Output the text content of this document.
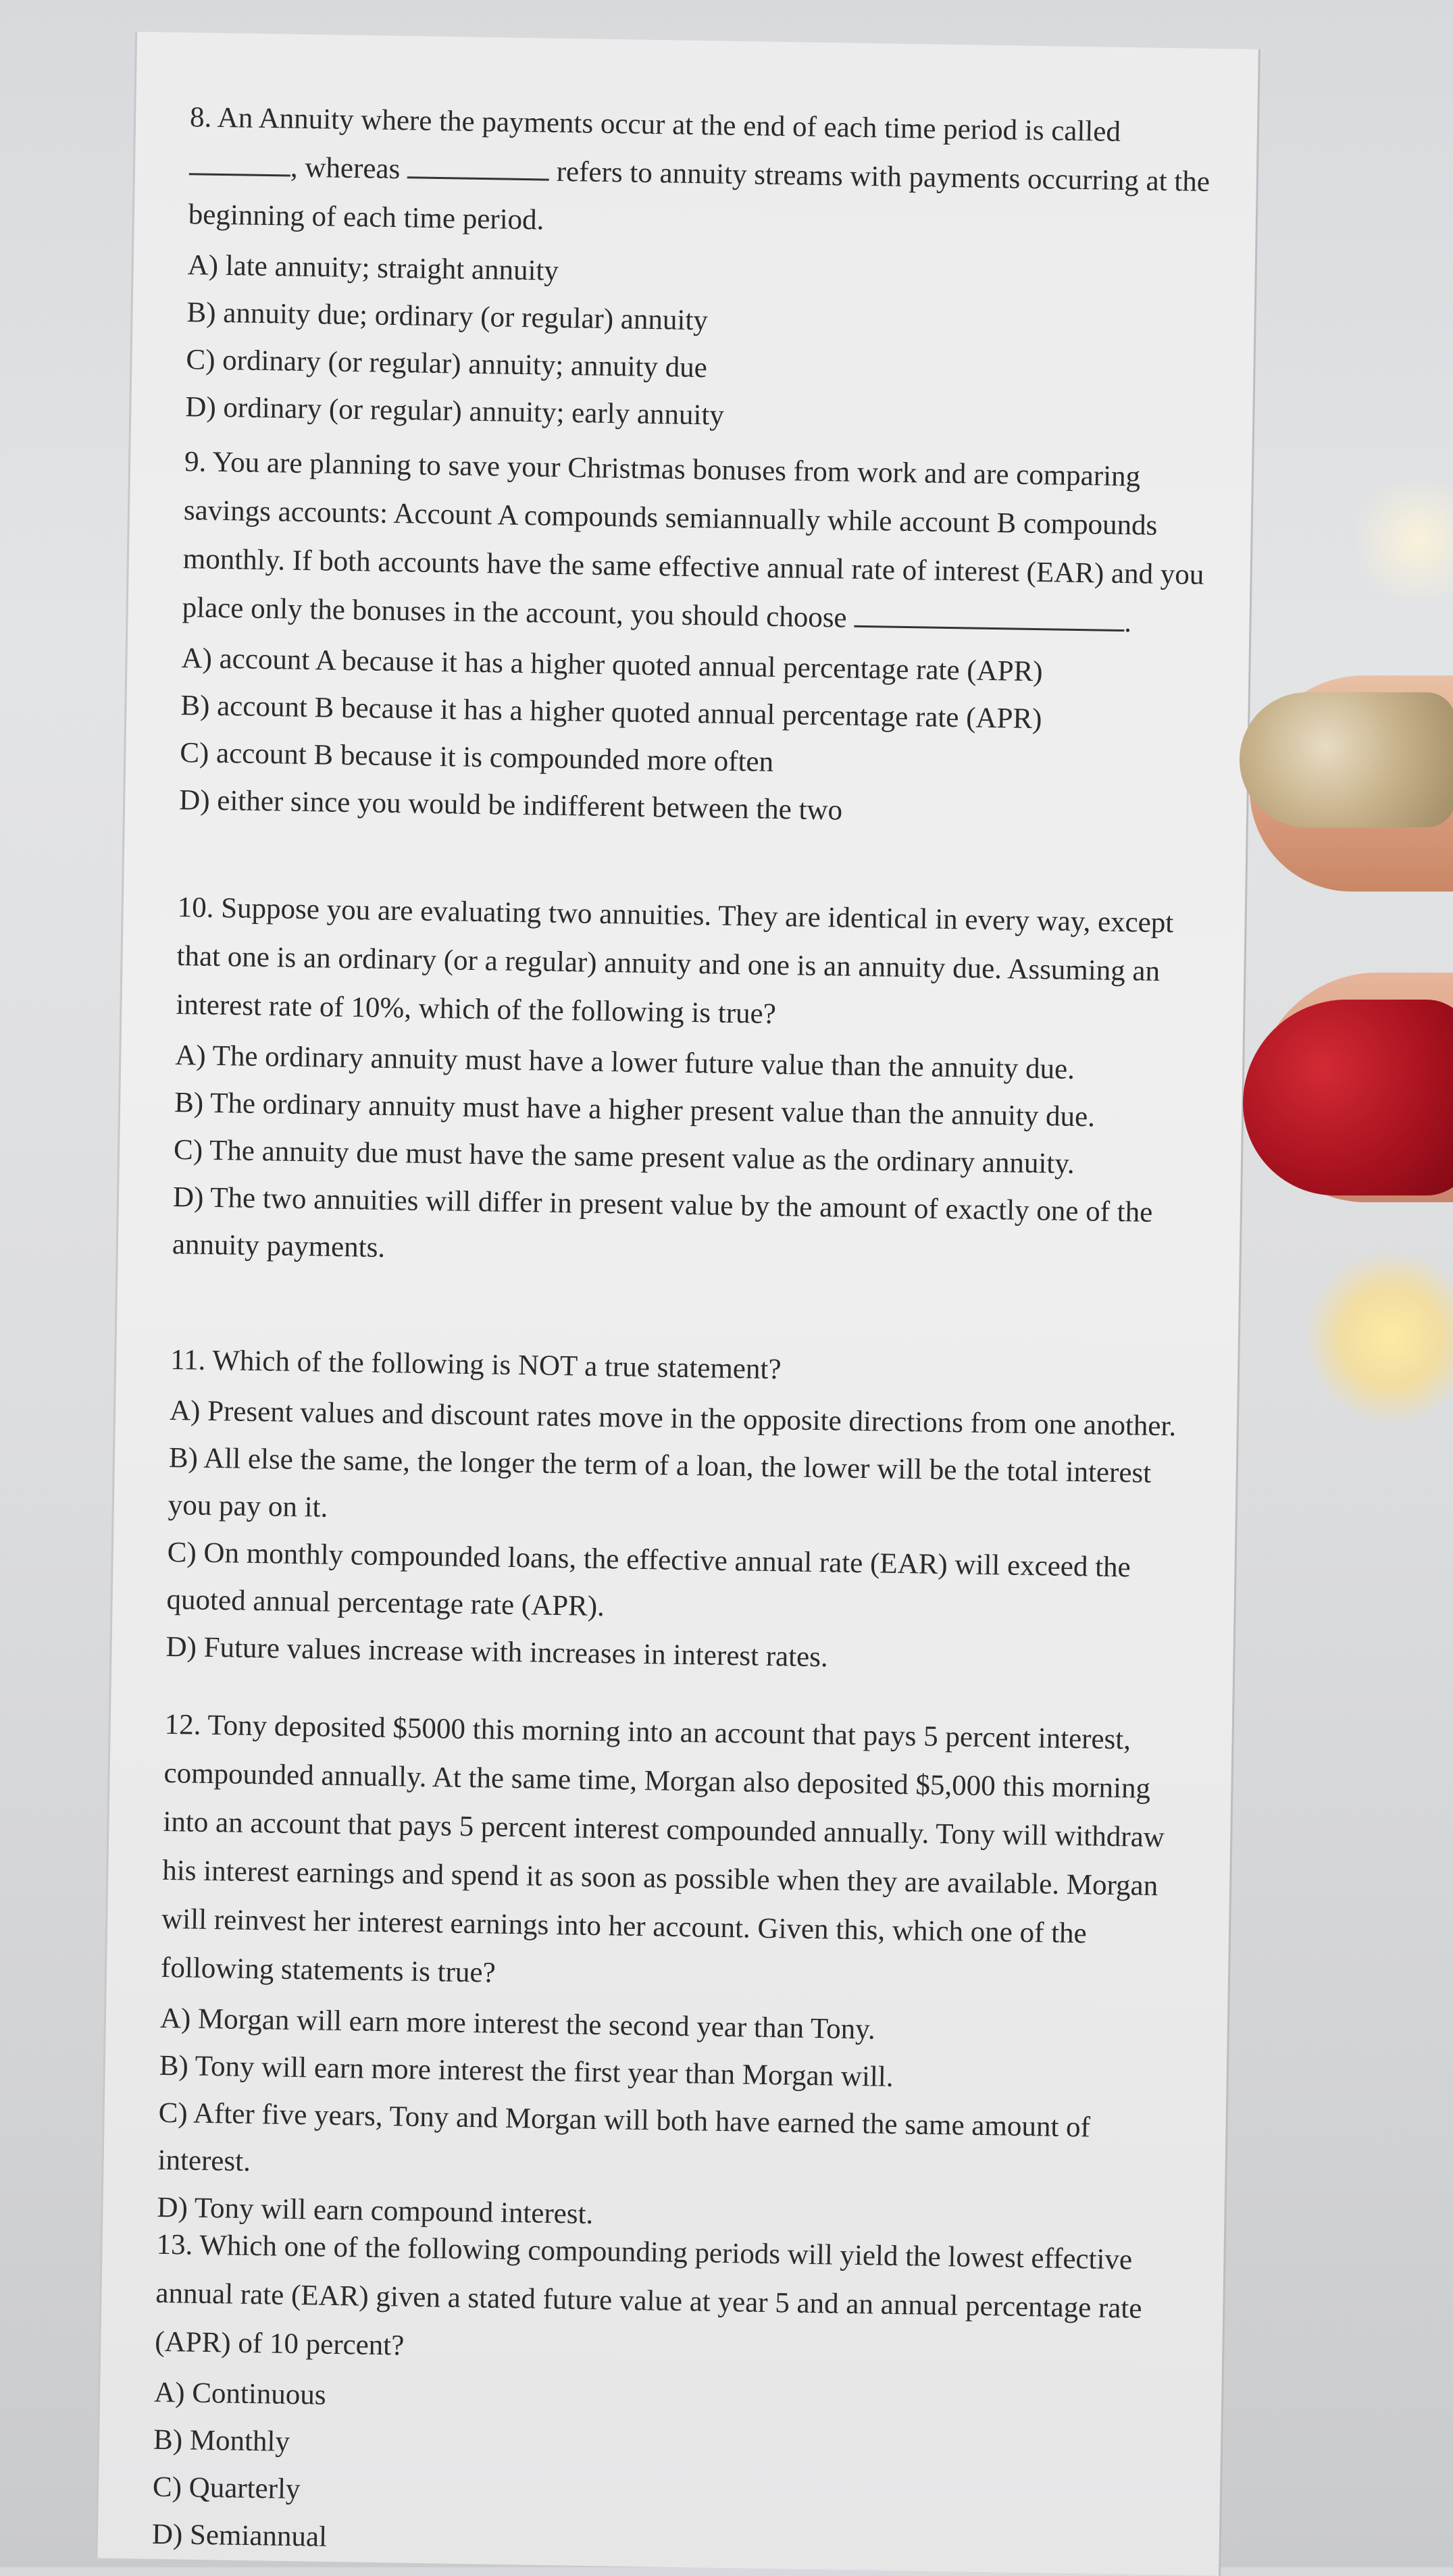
8. An Annuity where the payments occur at the end of each time period is called , whereas	refers to annuity streams with payments occurring at the beginning of each time period.

A) late annuity; straight annuity

B) annuity due; ordinary (or regular) annuity

C) ordinary (or regular) annuity; annuity due

D) ordinary (or regular) annuity; early annuity

9. You are planning to save your Christmas bonuses from work and are comparing savings accounts: Account A compounds semiannually while account B compounds monthly. If both accounts have the same effective annual rate of interest (EAR) and you place only the bonuses in the account, you should choose	.

A) account A because it has a higher quoted annual percentage rate (APR)

B) account B because it has a higher quoted annual percentage rate (APR)

C) account B because it is compounded more often

D) either since you would be indifferent between the two

10. Suppose you are evaluating two annuities. They are identical in every way, except that one is an ordinary (or a regular) annuity and one is an annuity due. Assuming an interest rate of 10%, which of the following is true?

A) The ordinary annuity must have a lower future value than the annuity due.

B) The ordinary annuity must have a higher present value than the annuity due.

C) The annuity due must have the same present value as the ordinary annuity.

D) The two annuities will differ in present value by the amount of exactly one of the annuity payments.

11. Which of the following is NOT a true statement?

A) Present values and discount rates move in the opposite directions from one another.

B) All else the same, the longer the term of a loan, the lower will be the total interest you pay on it.

C) On monthly compounded loans, the effective annual rate (EAR) will exceed the quoted annual percentage rate (APR).

D) Future values increase with increases in interest rates.

12. Tony deposited $5000 this morning into an account that pays 5 percent interest, compounded annually. At the same time, Morgan also deposited $5,000 this morning into an account that pays 5 percent interest compounded annually. Tony will withdraw his interest earnings and spend it as soon as possible when they are available. Morgan will reinvest her interest earnings into her account. Given this, which one of the following statements is true?

A) Morgan will earn more interest the second year than Tony.

B) Tony will earn more interest the first year than Morgan will.

C) After five years, Tony and Morgan will both have earned the same amount of interest.

D) Tony will earn compound interest.

13. Which one of the following compounding periods will yield the lowest effective annual rate (EAR) given a stated future value at year 5 and an annual percentage rate (APR) of 10 percent?

A) Continuous

B) Monthly

C) Quarterly

D) Semiannual
